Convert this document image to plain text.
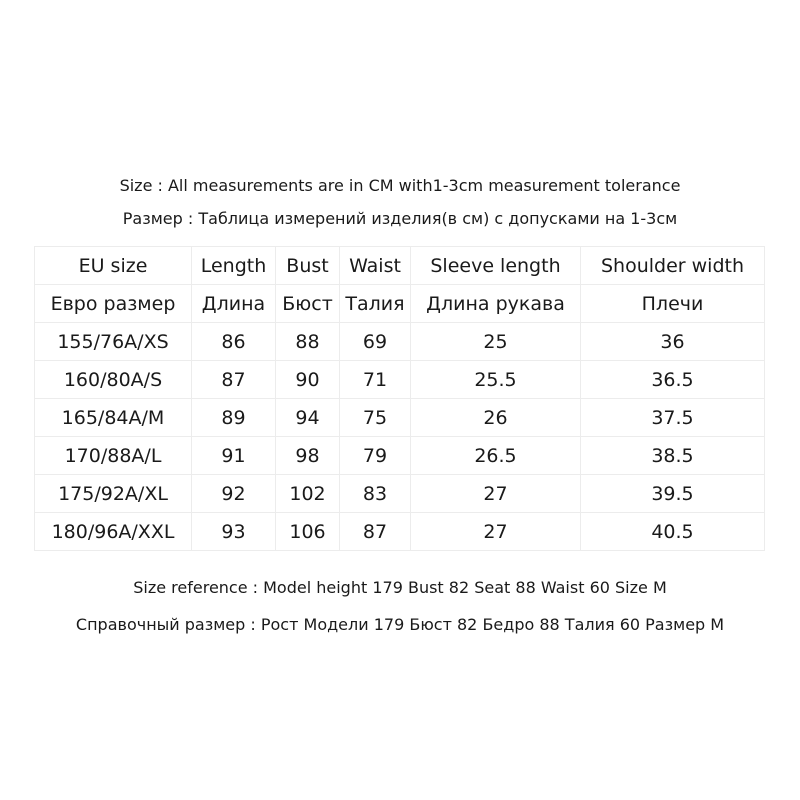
Size : All measurements are in CM with1-3cm measurement tolerance
Размер : Таблица измерений изделия(в см) с допусками на 1-3см
EU size	Length	Bust	Waist	Sleeve length	Shoulder width
Евро размер	Длина	Бюст	Талия	Длина рукава	Плечи
155/76A/XS	86	88	69	25	36
160/80A/S	87	90	71	25.5	36.5
165/84A/M	89	94	75	26	37.5
170/88A/L	91	98	79	26.5	38.5
175/92A/XL	92	102	83	27	39.5
180/96A/XXL	93	106	87	27	40.5
Size reference : Model height 179 Bust 82 Seat 88 Waist 60 Size M
Справочный размер : Рост Модели 179 Бюст 82 Бедро 88 Талия 60 Размер M
